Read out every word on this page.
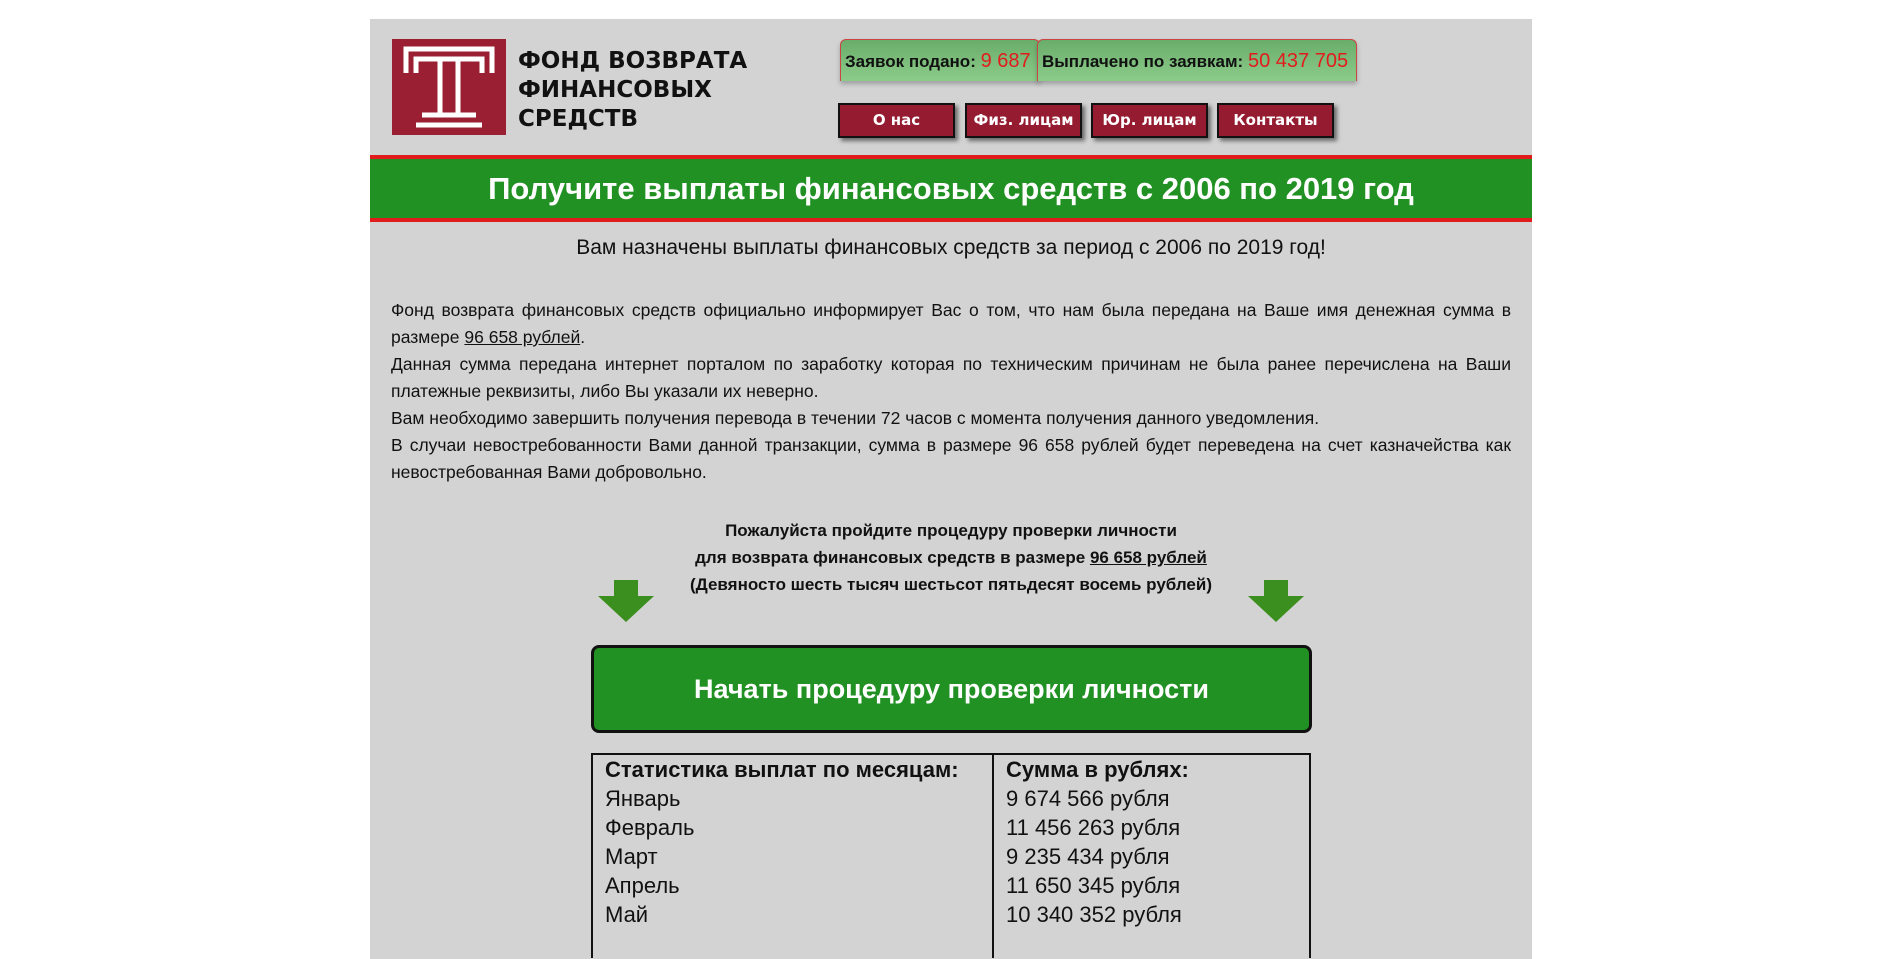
ФОНД ВОЗВРАТА
ФИНАНСОВЫХ
СРЕДСТВ
Заявок подано: 9 687 Выплачено по заявкам: 50 437 705
О нас	Физ. лицам	Юр. лицам	Контакты
Получите выплаты финансовых средств с 2006 по 2019 год
Вам назначены выплаты финансовых средств за период с 2006 по 2019 год!
Фонд возврата финансовых средств официально информирует Вас о том, что нам была передана на Ваше имя денежная сумма в размере 96 658 рублей.
Данная сумма передана интернет порталом по заработку которая по техническим причинам не была ранее перечислена на Ваши платежные реквизиты, либо Вы указали их неверно.
Вам необходимо завершить получения перевода в течении 72 часов с момента получения данного уведомления.
В случаи невостребованности Вами данной транзакции, сумма в размере 96 658 рублей будет переведена на счет казначейства как невостребованная Вами добровольно.
Пожалуйста пройдите процедуру проверки личности
для возврата финансовых средств в размере 96 658 рублей
(Девяносто шесть тысяч шестьсот пятьдесят восемь рублей)
Начать процедуру проверки личности
Статистика выплат по месяцам:	Сумма в рублях:
Январь	9 674 566 рубля
Февраль	11 456 263 рубля
Март	9 235 434 рубля
Апрель	11 650 345 рубля
Май	10 340 352 рубля
